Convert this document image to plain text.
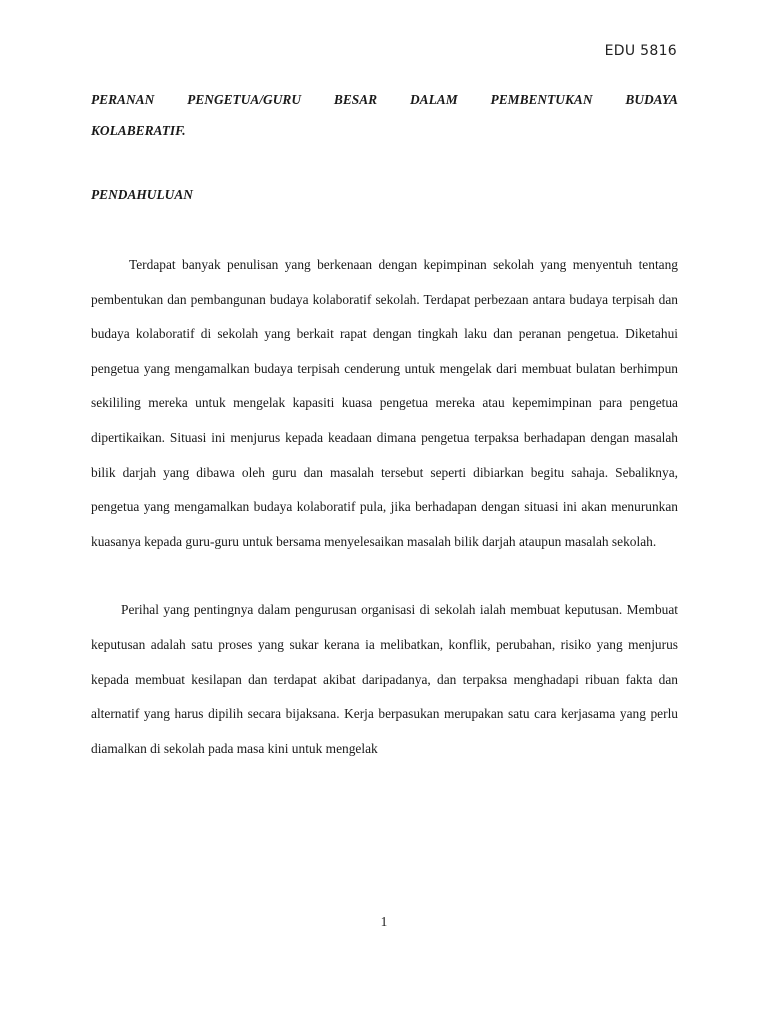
EDU 5816
PERANAN PENGETUA/GURU BESAR DALAM PEMBENTUKAN BUDAYA
KOLABERATIF.
PENDAHULUAN

Terdapat banyak penulisan yang berkenaan dengan kepimpinan sekolah yang menyentuh tentang pembentukan dan pembangunan budaya kolaboratif sekolah. Terdapat perbezaan antara budaya terpisah dan budaya kolaboratif di sekolah yang berkait rapat dengan tingkah laku dan peranan pengetua. Diketahui pengetua yang mengamalkan budaya terpisah cenderung untuk mengelak dari membuat bulatan berhimpun sekililing mereka untuk mengelak kapasiti kuasa pengetua mereka atau kepemimpinan para pengetua dipertikaikan. Situasi ini menjurus kepada keadaan dimana pengetua terpaksa berhadapan dengan masalah bilik darjah yang dibawa oleh guru dan masalah tersebut seperti dibiarkan begitu sahaja. Sebaliknya, pengetua yang mengamalkan budaya kolaboratif pula, jika berhadapan dengan situasi ini akan menurunkan kuasanya kepada guru-guru untuk bersama menyelesaikan masalah bilik darjah ataupun masalah sekolah.

Perihal yang pentingnya dalam pengurusan organisasi di sekolah ialah membuat keputusan. Membuat keputusan adalah satu proses yang sukar kerana ia melibatkan, konflik, perubahan, risiko yang menjurus kepada membuat kesilapan dan terdapat akibat daripadanya, dan terpaksa menghadapi ribuan fakta dan alternatif yang harus dipilih secara bijaksana. Kerja berpasukan merupakan satu cara kerjasama yang perlu diamalkan di sekolah pada masa kini untuk mengelak

1
